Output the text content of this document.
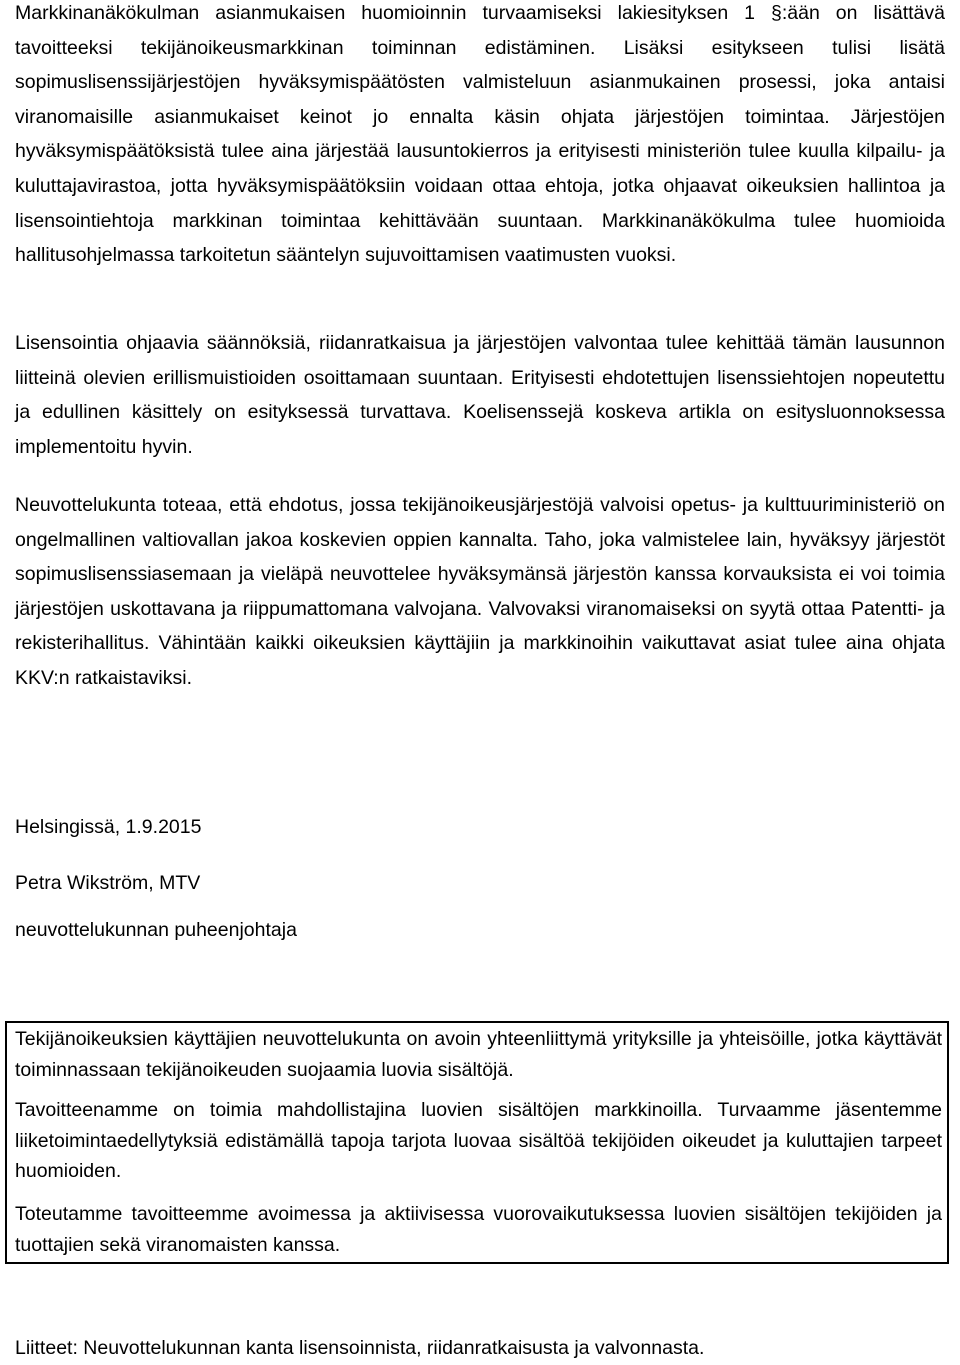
Markkinanäkökulman asianmukaisen huomioinnin turvaamiseksi lakiesityksen 1 §:ään on lisättävä tavoitteeksi tekijänoikeusmarkkinan toiminnan edistäminen. Lisäksi esitykseen tulisi lisätä sopimuslisenssijärjestöjen hyväksymispäätösten valmisteluun asianmukainen prosessi, joka antaisi viranomaisille asianmukaiset keinot jo ennalta käsin ohjata järjestöjen toimintaa. Järjestöjen hyväksymispäätöksistä tulee aina järjestää lausuntokierros ja erityisesti ministeriön tulee kuulla kilpailu- ja kuluttajavirastoa, jotta hyväksymispäätöksiin voidaan ottaa ehtoja, jotka ohjaavat oikeuksien hallintoa ja lisensointiehtoja markkinan toimintaa kehittävään suuntaan. Markkinanäkökulma tulee huomioida hallitusohjelmassa tarkoitetun sääntelyn sujuvoittamisen vaatimusten vuoksi.

Lisensointia ohjaavia säännöksiä, riidanratkaisua ja järjestöjen valvontaa tulee kehittää tämän lausunnon liitteinä olevien erillismuistioiden osoittamaan suuntaan. Erityisesti ehdotettujen lisenssiehtojen nopeutettu ja edullinen käsittely on esityksessä turvattava. Koelisenssejä koskeva artikla on esitysluonnoksessa implementoitu hyvin.

Neuvottelukunta toteaa, että ehdotus, jossa tekijänoikeusjärjestöjä valvoisi opetus- ja kulttuuriministeriö on ongelmallinen valtiovallan jakoa koskevien oppien kannalta. Taho, joka valmistelee lain, hyväksyy järjestöt sopimuslisenssiasemaan ja vieläpä neuvottelee hyväksymänsä järjestön kanssa korvauksista ei voi toimia järjestöjen uskottavana ja riippumattomana valvojana. Valvovaksi viranomaiseksi on syytä ottaa Patentti- ja rekisterihallitus. Vähintään kaikki oikeuksien käyttäjiin ja markkinoihin vaikuttavat asiat tulee aina ohjata KKV:n ratkaistaviksi.

Helsingissä, 1.9.2015
Petra Wikström, MTV
neuvottelukunnan puheenjohtaja
Liitteet: Neuvottelukunnan kanta lisensoinnista, riidanratkaisusta ja valvonnasta.

Tekijänoikeuksien käyttäjien neuvottelukunta on avoin yhteenliittymä yrityksille ja yhteisöille, jotka käyttävät toiminnassaan tekijänoikeuden suojaamia luovia sisältöjä.

Tavoitteenamme on toimia mahdollistajina luovien sisältöjen markkinoilla. Turvaamme jäsentemme liiketoimintaedellytyksiä edistämällä tapoja tarjota luovaa sisältöä tekijöiden oikeudet ja kuluttajien tarpeet huomioiden.

Toteutamme tavoitteemme avoimessa ja aktiivisessa vuorovaikutuksessa luovien sisältöjen tekijöiden ja tuottajien sekä viranomaisten kanssa.
